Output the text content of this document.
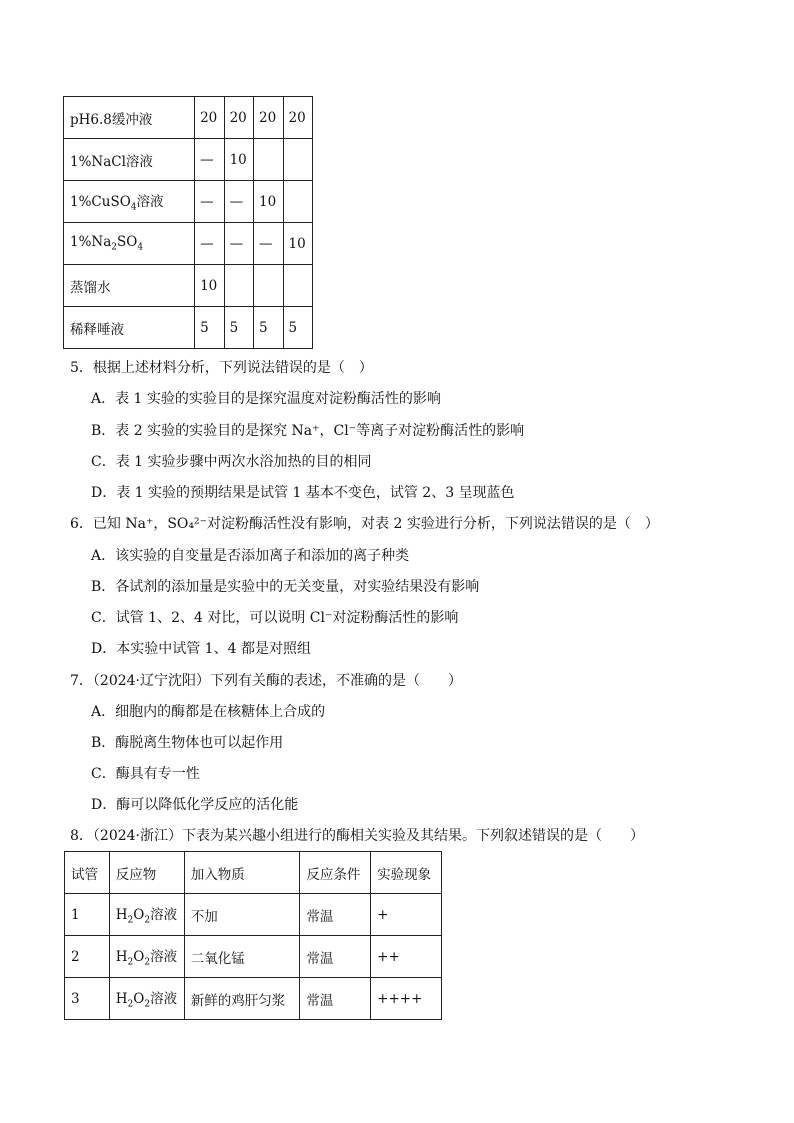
pH6.8缓冲液	20	20	20	20
1%NaCl溶液	—	10		
1%CuSO$_4$溶液	—	—	10	
$1\%Na_2SO_4$	—	—	—	10
蒸馏水	10			
稀释唾液	5	5	5	5
5．根据上述材料分析，下列说法错误的是（　）
A．表 1 实验的实验目的是探究温度对淀粉酶活性的影响
B．表 2 实验的实验目的是探究 Na⁺，Cl⁻等离子对淀粉酶活性的影响
C．表 1 实验步骤中两次水浴加热的目的相同
D．表 1 实验的预期结果是试管 1 基本不变色，试管 2、3 呈现蓝色
6．已知 Na⁺，SO₄²⁻对淀粉酶活性没有影响，对表 2 实验进行分析，下列说法错误的是（　）
A．该实验的自变量是否添加离子和添加的离子种类
B．各试剂的添加量是实验中的无关变量，对实验结果没有影响
C．试管 1、2、4 对比，可以说明 Cl⁻对淀粉酶活性的影响
D．本实验中试管 1、4 都是对照组
7．（2024·辽宁沈阳）下列有关酶的表述，不准确的是（　　）
A．细胞内的酶都是在核糖体上合成的
B．酶脱离生物体也可以起作用
C．酶具有专一性
D．酶可以降低化学反应的活化能
8．（2024·浙江）下表为某兴趣小组进行的酶相关实验及其结果。下列叙述错误的是（　　）
试管	反应物	加入物质	反应条件	实验现象
1	$H_2O_2$溶液	不加	常温	+
2	$H_2O_2$溶液	二氧化锰	常温	++
3	$H_2O_2$溶液	新鲜的鸡肝匀浆	常温	++++
